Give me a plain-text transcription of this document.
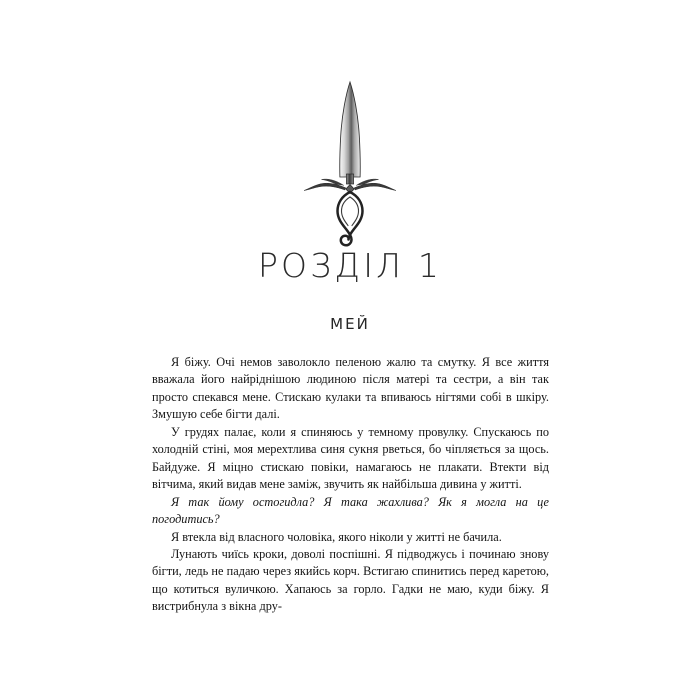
РОЗДІЛ 1
МЕЙ

Я біжу. Очі немов заволокло пеленою жалю та смутку. Я все життя вважала його найріднішою людиною після матері та сестри, а він так просто спекався мене. Стискаю кулаки та впиваюсь нігтями собі в шкіру. Змушую себе бігти далі.

У грудях палає, коли я спиняюсь у темному провулку. Спускаюсь по холодній стіні, моя мерехтлива синя сукня рветься, бо чіпляється за щось. Байдуже. Я міцно стискаю повіки, намагаюсь не плакати. Втекти від вітчима, який видав мене заміж, звучить як найбільша дивина у житті.

Я так йому остогидла? Я така жахлива? Як я могла на це погодитись?

Я втекла від власного чоловіка, якого ніколи у житті не бачила.

Лунають чиїсь кроки, доволі поспішні. Я підводжусь і починаю знову бігти, ледь не падаю через якийсь корч. Встигаю спинитись перед каретою, що котиться вуличкою. Хапаюсь за горло. Гадки не маю, куди біжу. Я вистрибнула з вікна дру-
